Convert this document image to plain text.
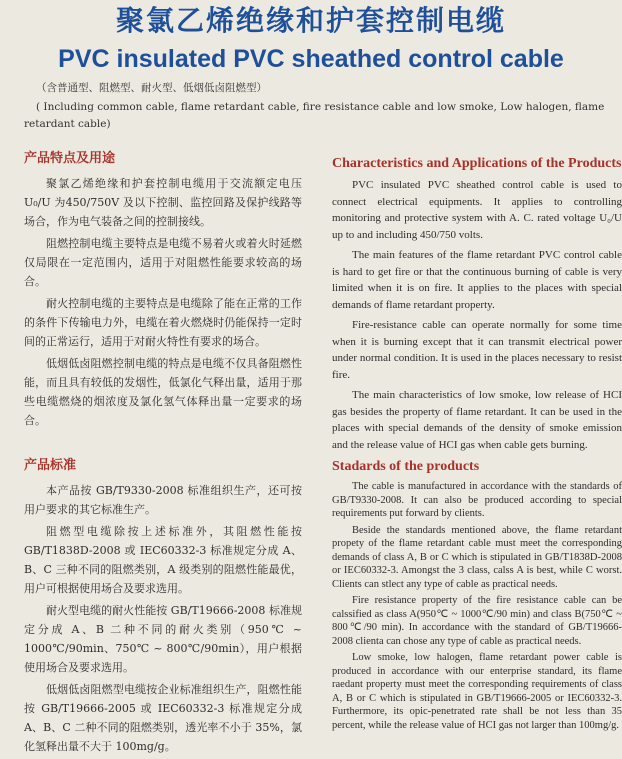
聚氯乙烯绝缘和护套控制电缆
PVC insulated PVC sheathed control cable
（含普通型、阻燃型、耐火型、低烟低卤阻燃型）
( Including common cable, flame retardant cable, fire resistance cable and low smoke, Low halogen, flame
retardant cable)
产品特点及用途

聚氯乙烯绝缘和护套控制电缆用于交流额定电压U₀/U 为450/750V 及以下控制、监控回路及保护线路等场合，作为电气装备之间的控制接线。

阻燃控制电缆主要特点是电缆不易着火或着火时延燃仅局限在一定范围内，适用于对阻燃性能要求较高的场合。

耐火控制电缆的主要特点是电缆除了能在正常的工作的条件下传输电力外，电缆在着火燃烧时仍能保持一定时间的正常运行，适用于对耐火特性有要求的场合。

低烟低卤阻燃控制电缆的特点是电缆不仅具备阻燃性能，而且具有较低的发烟性，低氯化气释出量，适用于那些电缆燃烧的烟浓度及氯化氢气体释出量一定要求的场合。

Characteristics and Applications of the Products

PVC insulated PVC sheathed control cable is used to connect electrical equipments. It applies to controlling monitoring and protective system with A. C. rated voltage U₀/U up to and including 450/750 volts.

The main features of the flame retardant PVC control cable is hard to get fire or that the continuous burning of cable is very limited when it is on fire. It applies to the places with special demands of flame retardant property.

Fire-resistance cable can operate normally for some time when it is burning except that it can transmit electrical power under normal condition. It is used in the places necessary to resist fire.

The main characteristics of low smoke, low release of HCI gas besides the property of flame retardant. It can be used in the places with special demands of the density of smoke emission and the release value of HCI gas when cable gets burning.

产品标准

本产品按 GB/T9330-2008 标准组织生产，还可按用户要求的其它标准生产。

阻燃型电缆除按上述标准外，其阻燃性能按 GB/T1838D-2008 或 IEC60332-3 标准规定分成 A、B、C 三种不同的阻燃类别，A 级类别的阻燃性能最优，用户可根据使用场合及要求选用。

耐火型电缆的耐火性能按 GB/T19666-2008 标准规定分成 A、B 二种不同的耐火类别（950℃ ~ 1000℃/90min、750℃ ~ 800℃/90min），用户根据使用场合及要求选用。

低烟低卤阻燃型电缆按企业标准组织生产，阻燃性能按 GB/T19666-2005 或 IEC60332-3 标准规定分成 A、B、C 二种不同的阻燃类别，透光率不小于 35%，氯化氢释出量不大于 100mg/g。

Stadards of the products

The cable is manufactured in accordance with the standards of GB/T9330-2008. It can also be produced according to special requirements put forward by clients.

Beside the standards mentioned above, the flame retardant propety of the flame retardant cable must meet the corresponding demands of class A, B or C which is stipulated in GB/T1838D-2008 or IEC60332-3. Amongst the 3 class, calss A is best, while C worst. Clients can stlect any type of cable as practical needs.

Fire resistance property of the fire resistance cable can be calssified as class A(950℃ ~ 1000℃/90 min) and class B(750℃ ~ 800℃/90 min). In accordance with the standard of GB/T19666-2008 clienta can chose any type of cable as practical needs.

Low smoke, low halogen, flame retardant power cable is produced in accordance with our enterprise standard, its flame raedant property must meet the corresponding requirements of class A, B or C which is stipulated in GB/T19666-2005 or IEC60332-3. Furthermore, its opic-penetrated rate shall be not less than 35 percent, while the release value of HCI gas not larger than 100mg/g.
